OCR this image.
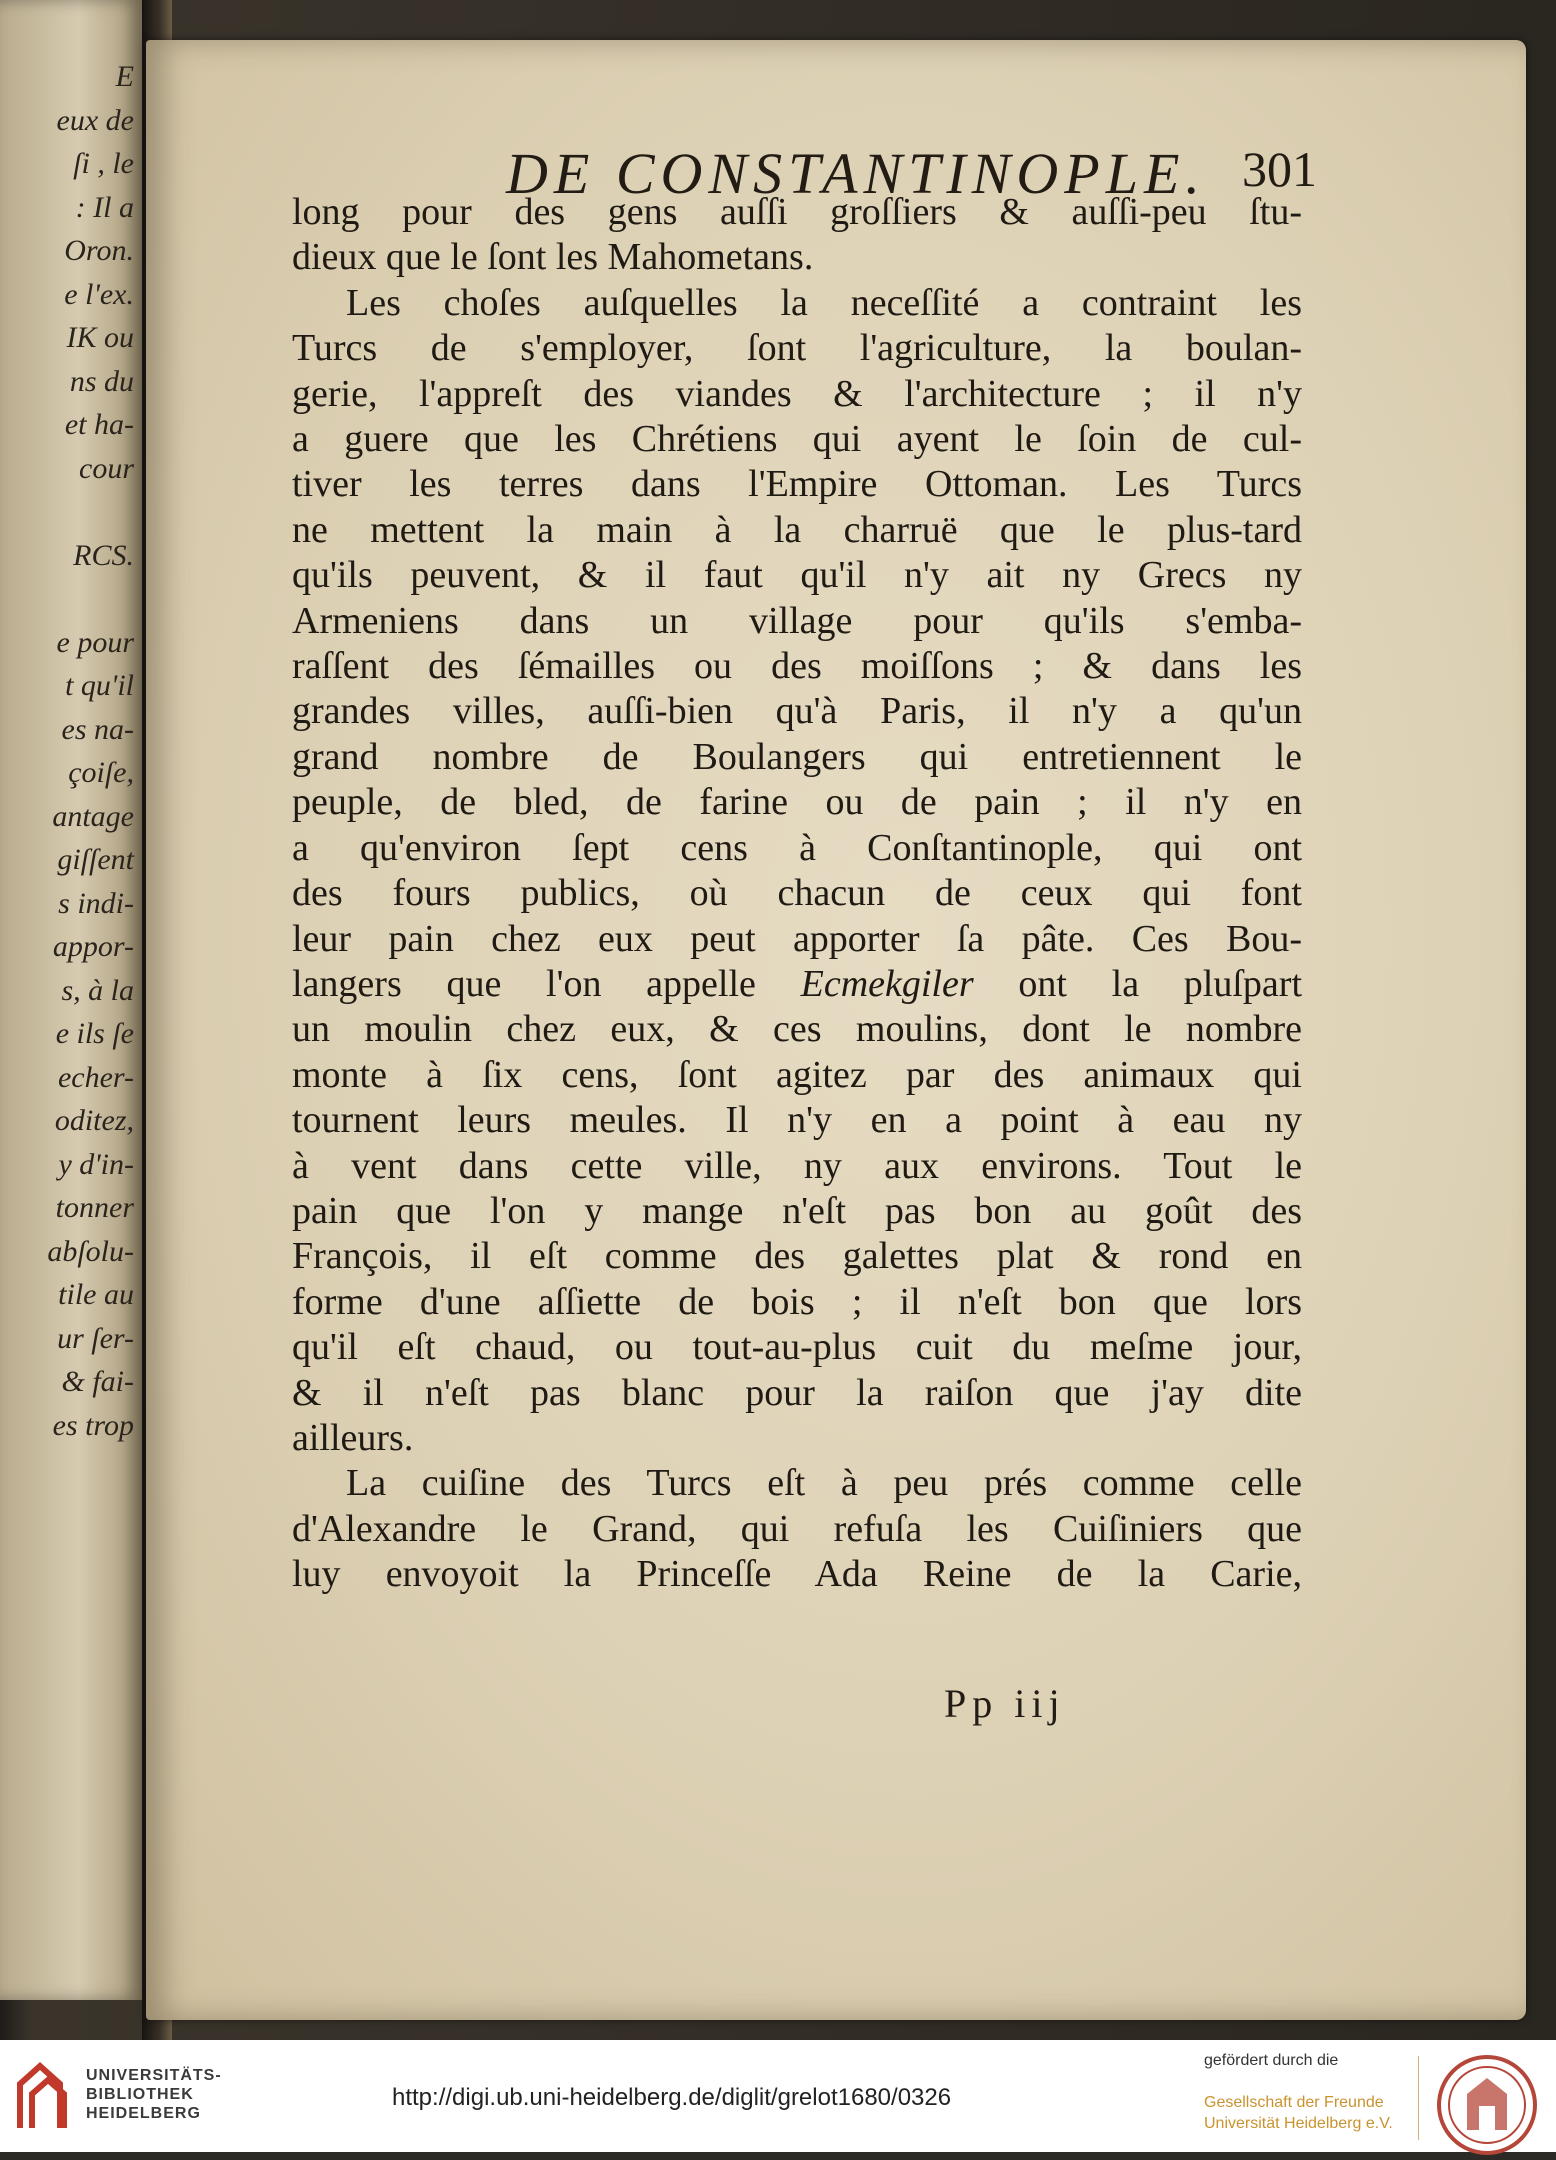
E
eux de
ſi , le
: Il a
Oron.
e l'ex.
IK ou
ns du
et ha-
cour
RCS.
e pour
t qu'il
es na-
çoiſe,
antage
giſſent
s indi-
appor-
s, à la
e ils ſe
echer-
oditez,
y d'in-
tonner
abſolu-
tile au
ur ſer-
& fai-
es trop
DE CONSTANTINOPLE. 301
long pour des gens auſſi groſſiers & auſſi-peu ſtu-
dieux que le ſont les Mahometans.
Les choſes auſquelles la neceſſité a contraint les
Turcs de s'employer, ſont l'agriculture, la boulan-
gerie, l'appreſt des viandes & l'architecture ; il n'y
a guere que les Chrétiens qui ayent le ſoin de cul-
tiver les terres dans l'Empire Ottoman. Les Turcs
ne mettent la main à la charruë que le plus-tard
qu'ils peuvent, & il faut qu'il n'y ait ny Grecs ny
Armeniens dans un village pour qu'ils s'emba-
raſſent des ſémailles ou des moiſſons ; & dans les
grandes villes, auſſi-bien qu'à Paris, il n'y a qu'un
grand nombre de Boulangers qui entretiennent le
peuple, de bled, de farine ou de pain ; il n'y en
a qu'environ ſept cens à Conſtantinople, qui ont
des fours publics, où chacun de ceux qui font
leur pain chez eux peut apporter ſa pâte. Ces Bou-
langers que l'on appelle Ecmekgiler ont la pluſpart
un moulin chez eux, & ces moulins, dont le nombre
monte à ſix cens, ſont agitez par des animaux qui
tournent leurs meules. Il n'y en a point à eau ny
à vent dans cette ville, ny aux environs. Tout le
pain que l'on y mange n'eſt pas bon au goût des
François, il eſt comme des galettes plat & rond en
forme d'une aſſiette de bois ; il n'eſt bon que lors
qu'il eſt chaud, ou tout-au-plus cuit du meſme jour,
& il n'eſt pas blanc pour la raiſon que j'ay dite
ailleurs.
La cuiſine des Turcs eſt à peu prés comme celle
d'Alexandre le Grand, qui refuſa les Cuiſiniers que
luy envoyoit la Princeſſe Ada Reine de la Carie,
Pp iij
UNIVERSITÄTS-
BIBLIOTHEK
HEIDELBERG
http://digi.ub.uni-heidelberg.de/diglit/grelot1680/0326
gefördert durch die
Gesellschaft der Freunde
Universität Heidelberg e.V.
